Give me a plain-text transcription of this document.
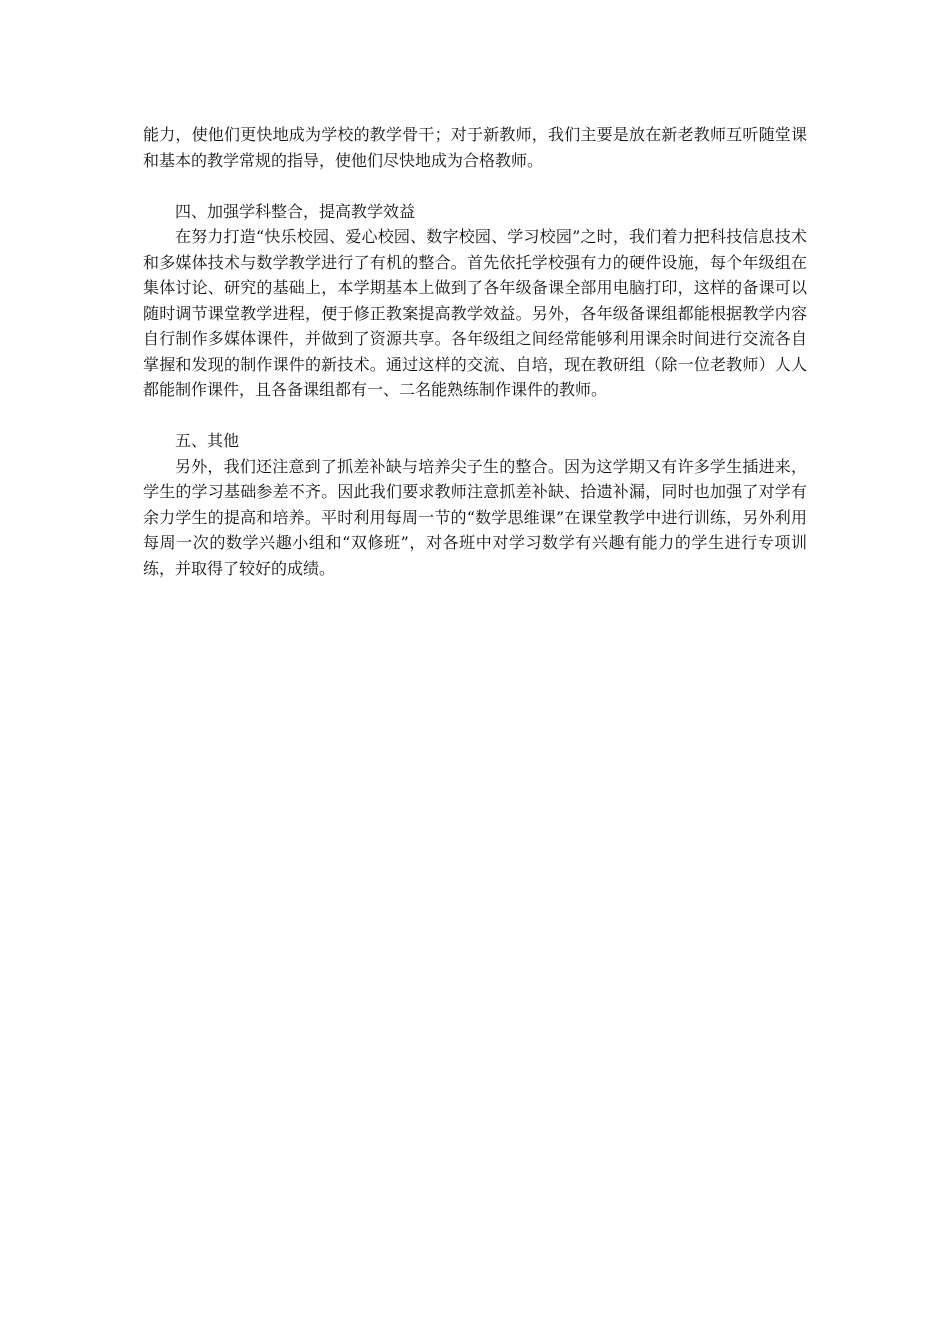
能力，使他们更快地成为学校的教学骨干；对于新教师，我们主要是放在新老教师互听随堂课和基本的教学常规的指导，使他们尽快地成为合格教师。

四、加强学科整合，提高教学效益

在努力打造“快乐校园、爱心校园、数字校园、学习校园”之时，我们着力把科技信息技术和多媒体技术与数学教学进行了有机的整合。首先依托学校强有力的硬件设施，每个年级组在集体讨论、研究的基础上，本学期基本上做到了各年级备课全部用电脑打印，这样的备课可以随时调节课堂教学进程，便于修正教案提高教学效益。另外，各年级备课组都能根据教学内容自行制作多媒体课件，并做到了资源共享。各年级组之间经常能够利用课余时间进行交流各自掌握和发现的制作课件的新技术。通过这样的交流、自培，现在教研组（除一位老教师）人人都能制作课件，且各备课组都有一、二名能熟练制作课件的教师。

五、其他

另外，我们还注意到了抓差补缺与培养尖子生的整合。因为这学期又有许多学生插进来，学生的学习基础参差不齐。因此我们要求教师注意抓差补缺、拾遗补漏，同时也加强了对学有余力学生的提高和培养。平时利用每周一节的“数学思维课”在课堂教学中进行训练，另外利用每周一次的数学兴趣小组和“双修班”，对各班中对学习数学有兴趣有能力的学生进行专项训练，并取得了较好的成绩。
